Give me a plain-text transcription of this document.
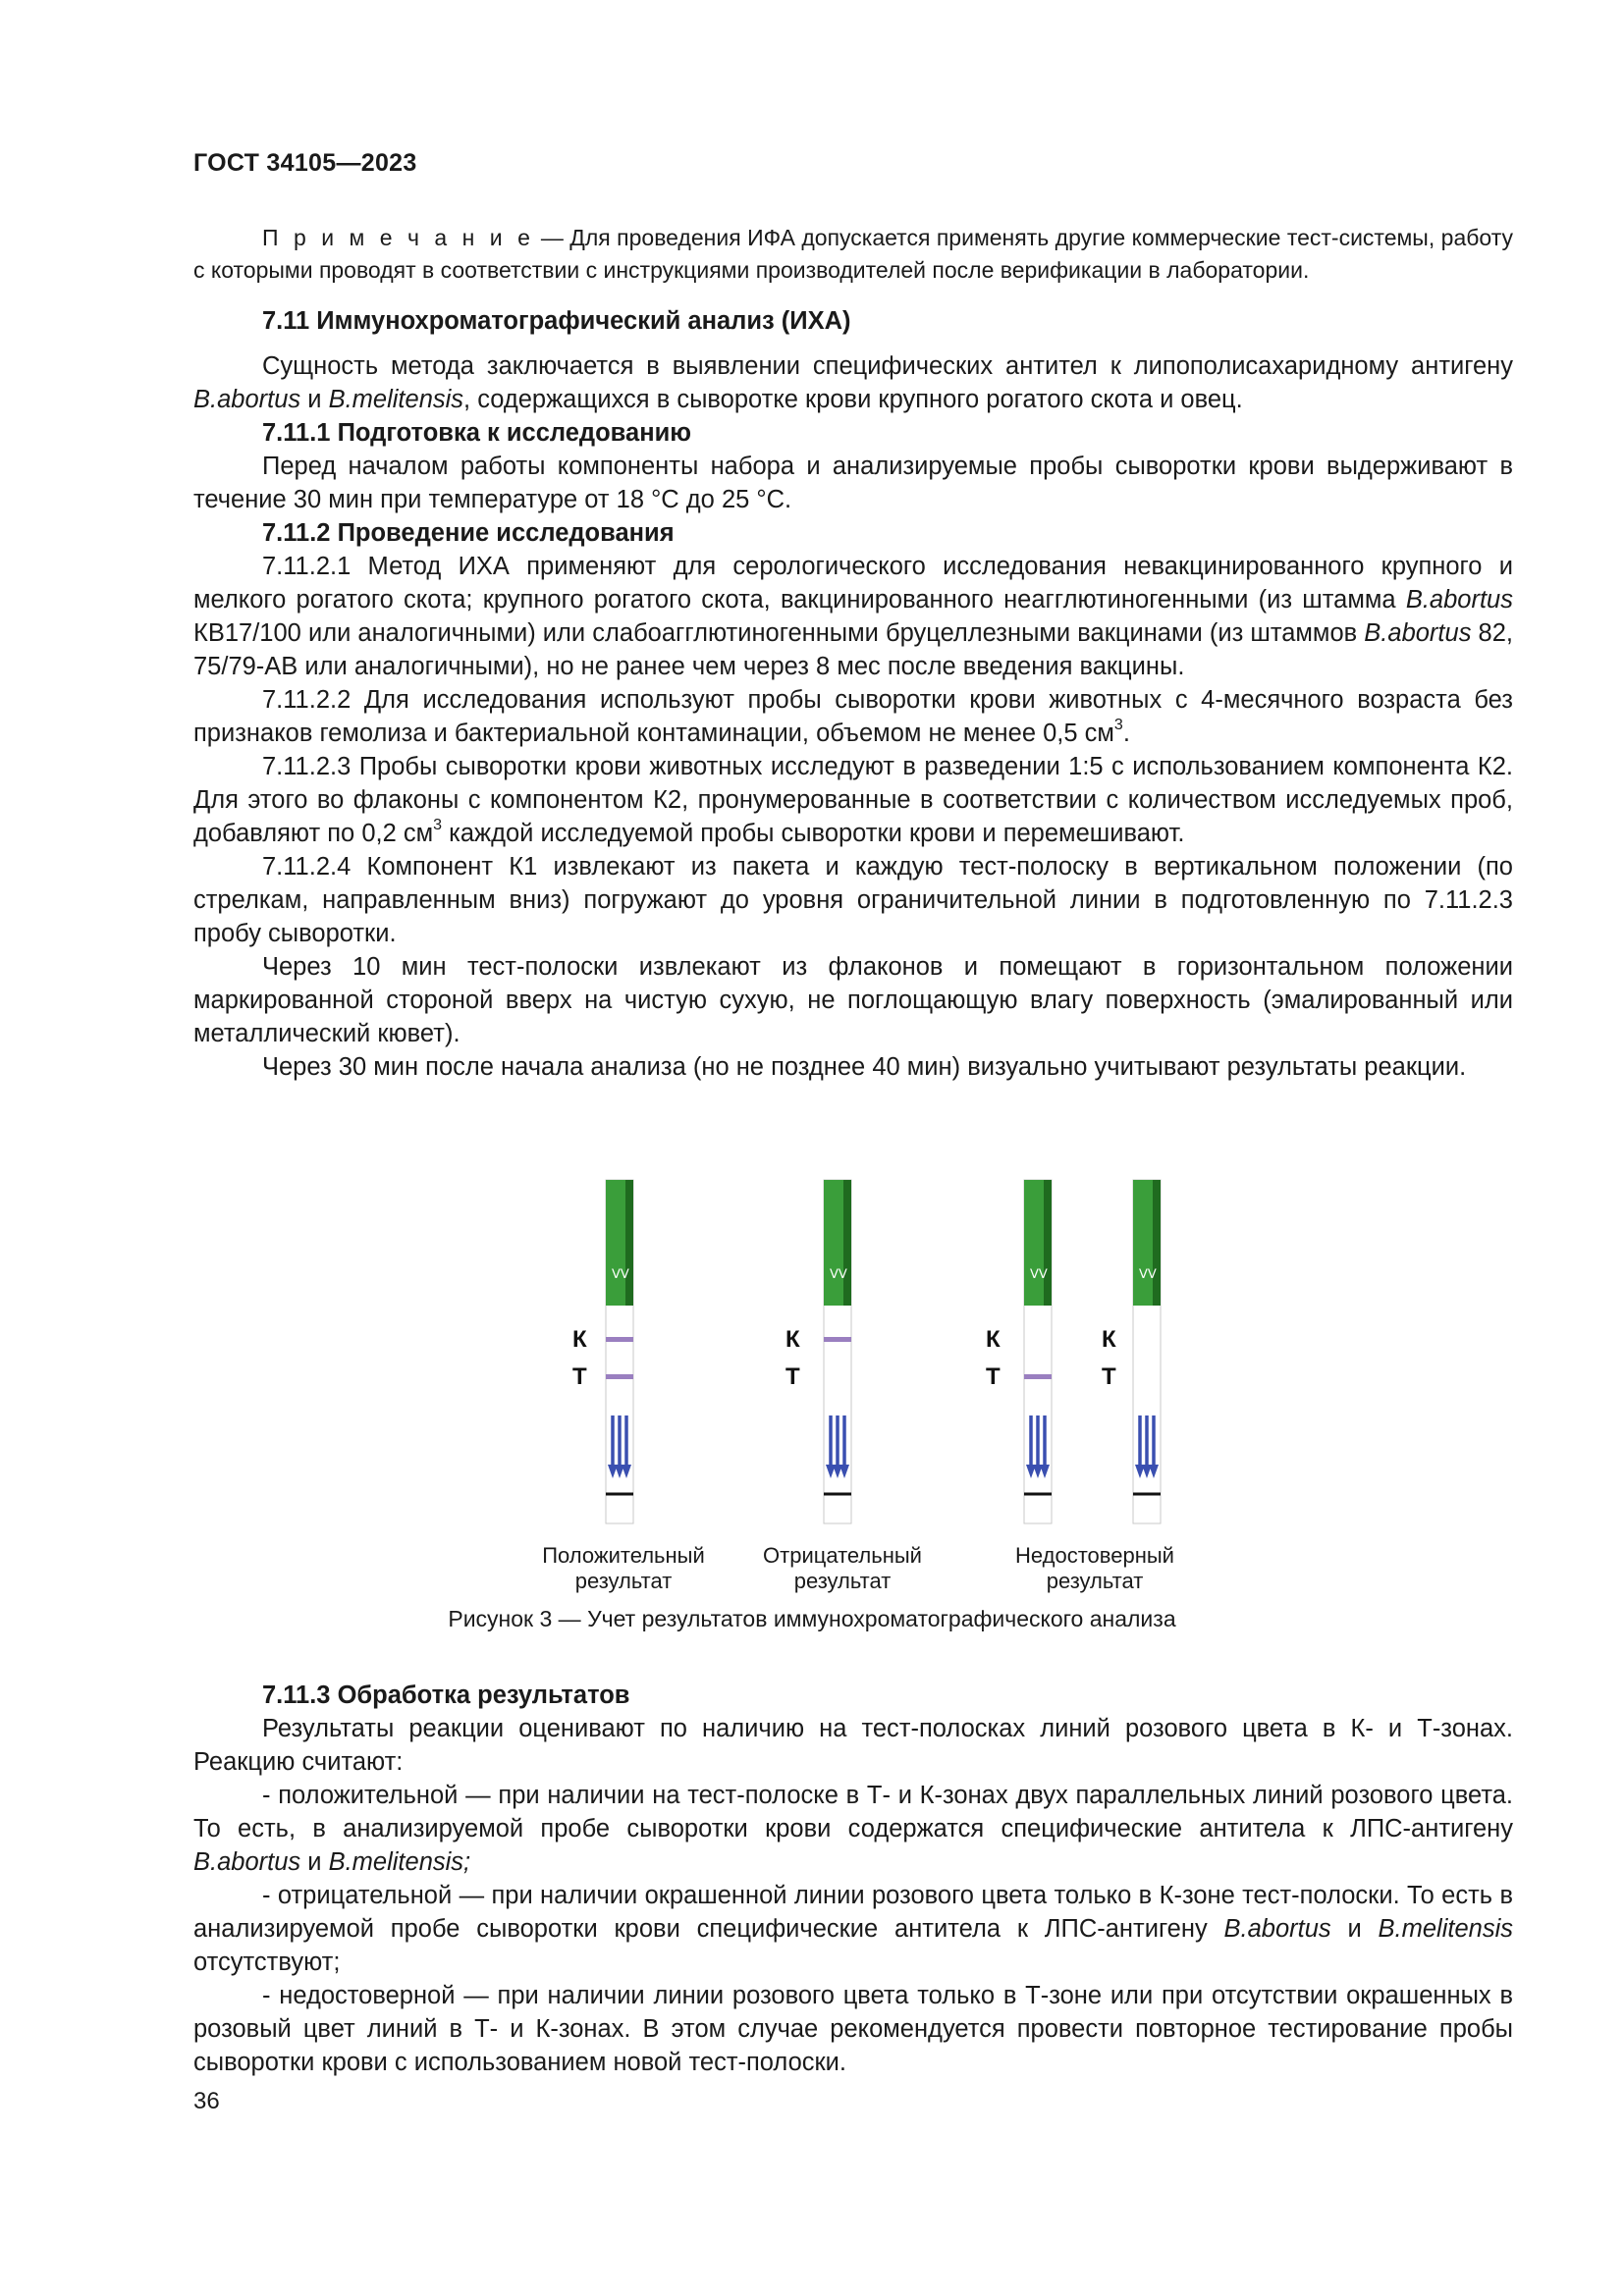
ГОСТ 34105—2023

П р и м е ч а н и е — Для проведения ИФА допускается применять другие коммерческие тест-системы, работу с которыми проводят в соответствии с инструкциями производителей после верификации в лаборатории.

7.11 Иммунохроматографический анализ (ИХА)

Сущность метода заключается в выявлении специфических антител к липополисахаридному антигену B.abortus и B.melitensis, содержащихся в сыворотке крови крупного рогатого скота и овец.

7.11.1 Подготовка к исследованию

Перед началом работы компоненты набора и анализируемые пробы сыворотки крови выдерживают в течение 30 мин при температуре от 18 °С до 25 °С.

7.11.2 Проведение исследования

7.11.2.1 Метод ИХА применяют для серологического исследования невакцинированного крупного и мелкого рогатого скота; крупного рогатого скота, вакцинированного неагглютиногенными (из штамма B.abortus КВ17/100 или аналогичными) или слабоагглютиногенными бруцеллезными вакцинами (из штаммов B.abortus 82, 75/79-АВ или аналогичными), но не ранее чем через 8 мес после введения вакцины.

7.11.2.2 Для исследования используют пробы сыворотки крови животных с 4-месячного возраста без признаков гемолиза и бактериальной контаминации, объемом не менее 0,5 $см^3$.

7.11.2.3 Пробы сыворотки крови животных исследуют в разведении 1:5 с использованием компонента К2. Для этого во флаконы с компонентом К2, пронумерованные в соответствии с количеством исследуемых проб, добавляют по 0,2 $см^3$ каждой исследуемой пробы сыворотки крови и перемешивают.

7.11.2.4 Компонент К1 извлекают из пакета и каждую тест-полоску в вертикальном положении (по стрелкам, направленным вниз) погружают до уровня ограничительной линии в подготовленную по 7.11.2.3 пробу сыворотки.

Через 10 мин тест-полоски извлекают из флаконов и помещают в горизонтальном положении маркированной стороной вверх на чистую сухую, не поглощающую влагу поверхность (эмалированный или металлический кювет).

Через 30 мин после начала анализа (но не позднее 40 мин) визуально учитывают результаты реакции.

ᐯᐯ
К
Т
К
Т
К
Т
К
Т
Положительный
результат
Отрицательный
результат
Недостоверный
результат
Рисунок 3 — Учет результатов иммунохроматографического анализа

7.11.3 Обработка результатов

Результаты реакции оценивают по наличию на тест-полосках линий розового цвета в К- и Т-зонах. Реакцию считают:

- положительной — при наличии на тест-полоске в Т- и К-зонах двух параллельных линий розового цвета. То есть, в анализируемой пробе сыворотки крови содержатся специфические антитела к ЛПС-антигену B.abortus и B.melitensis;

- отрицательной — при наличии окрашенной линии розового цвета только в К-зоне тест-полоски. То есть в анализируемой пробе сыворотки крови специфические антитела к ЛПС-антигену B.abortus и B.melitensis отсутствуют;

- недостоверной — при наличии линии розового цвета только в Т-зоне или при отсутствии окрашенных в розовый цвет линий в Т- и К-зонах. В этом случае рекомендуется провести повторное тестирование пробы сыворотки крови с использованием новой тест-полоски.

36
